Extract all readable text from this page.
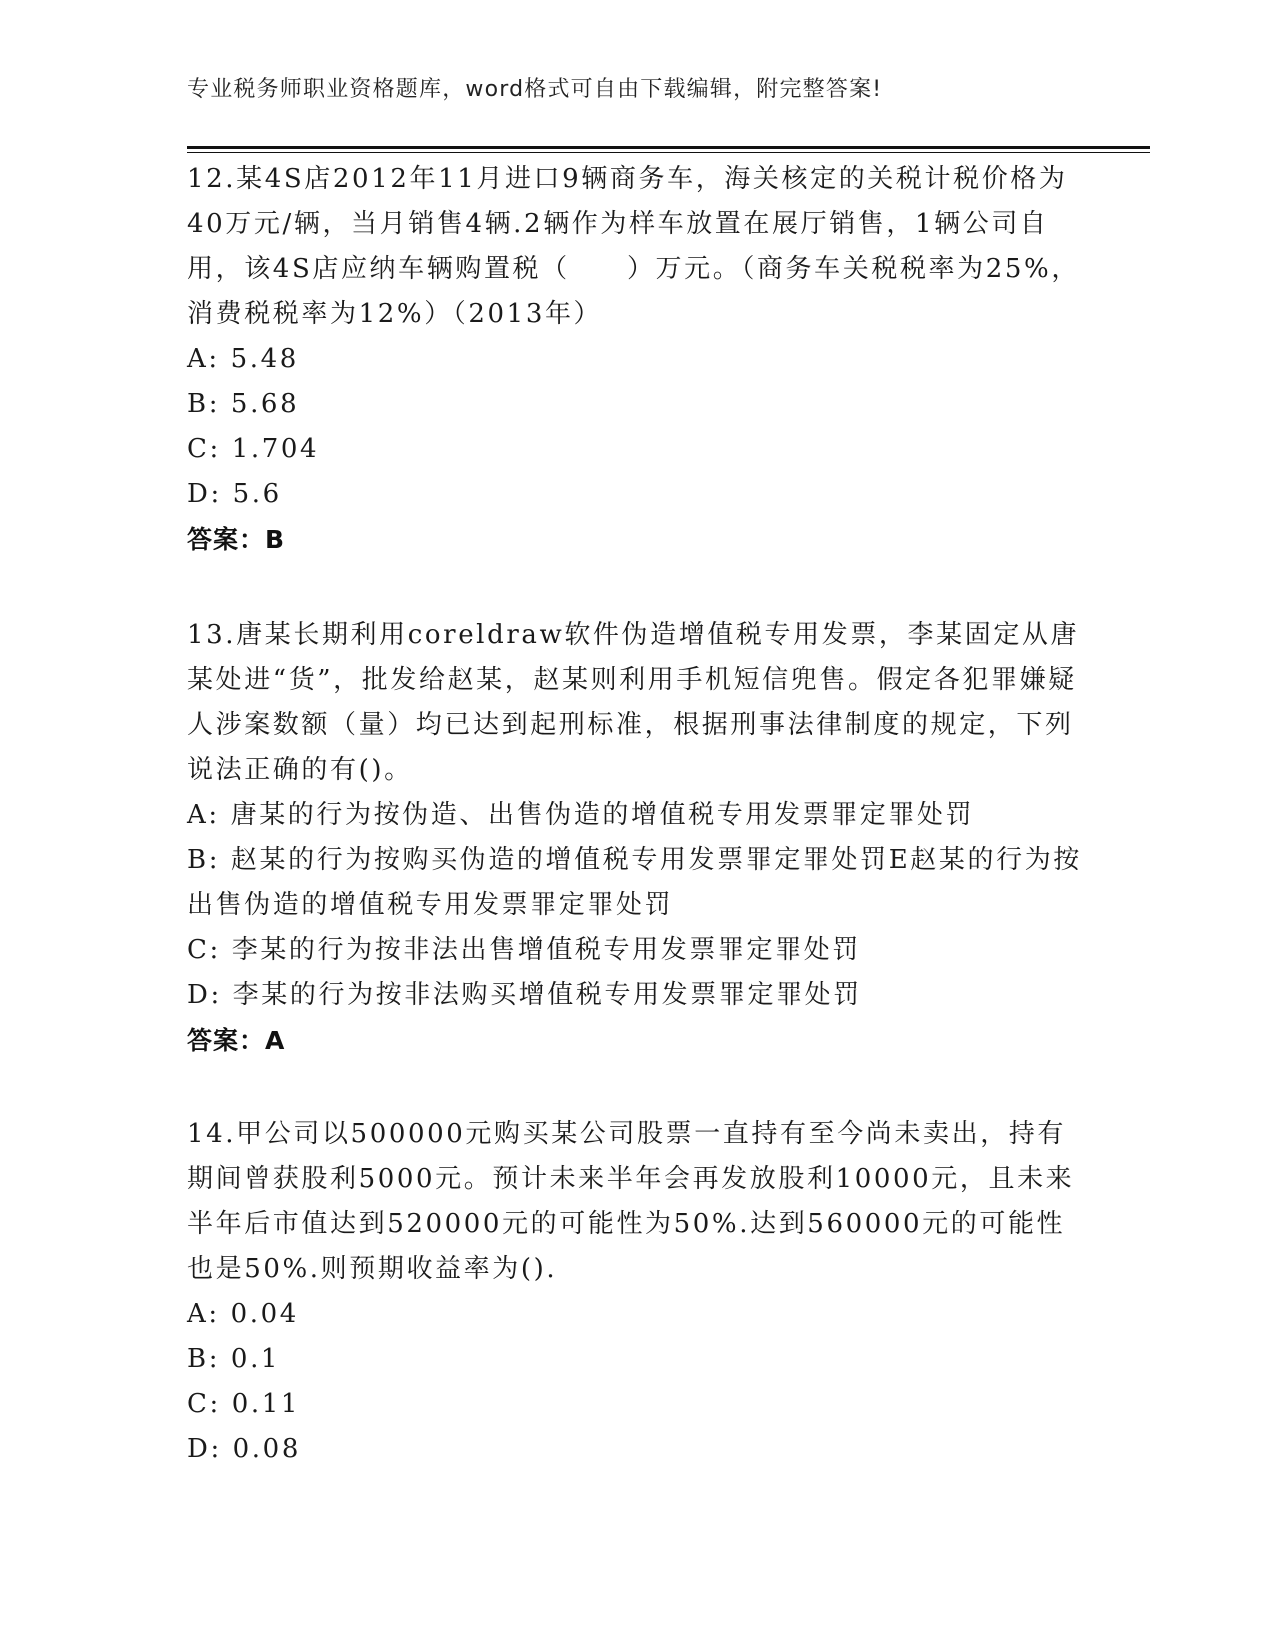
专业税务师职业资格题库，word格式可自由下载编辑，附完整答案!

12.某4S店2012年11月进口9辆商务车，海关核定的关税计税价格为40万元/辆，当月销售4辆.2辆作为样车放置在展厅销售，1辆公司自用，该4S店应纳车辆购置税（　　）万元。（商务车关税税率为25%，消费税税率为12%）（2013年）

A: 5.48

B: 5.68

C: 1.704

D: 5.6

答案：B

13.唐某长期利用coreldraw软件伪造增值税专用发票，李某固定从唐某处进“货”，批发给赵某，赵某则利用手机短信兜售。假定各犯罪嫌疑人涉案数额（量）均已达到起刑标准，根据刑事法律制度的规定，下列说法正确的有()。

A: 唐某的行为按伪造、出售伪造的增值税专用发票罪定罪处罚

B: 赵某的行为按购买伪造的增值税专用发票罪定罪处罚E赵某的行为按出售伪造的增值税专用发票罪定罪处罚

C: 李某的行为按非法出售增值税专用发票罪定罪处罚

D: 李某的行为按非法购买增值税专用发票罪定罪处罚

答案：A

14.甲公司以500000元购买某公司股票一直持有至今尚未卖出，持有期间曾获股利5000元。预计未来半年会再发放股利10000元，且未来半年后市值达到520000元的可能性为50%.达到560000元的可能性也是50%.则预期收益率为().

A: 0.04

B: 0.1

C: 0.11

D: 0.08
